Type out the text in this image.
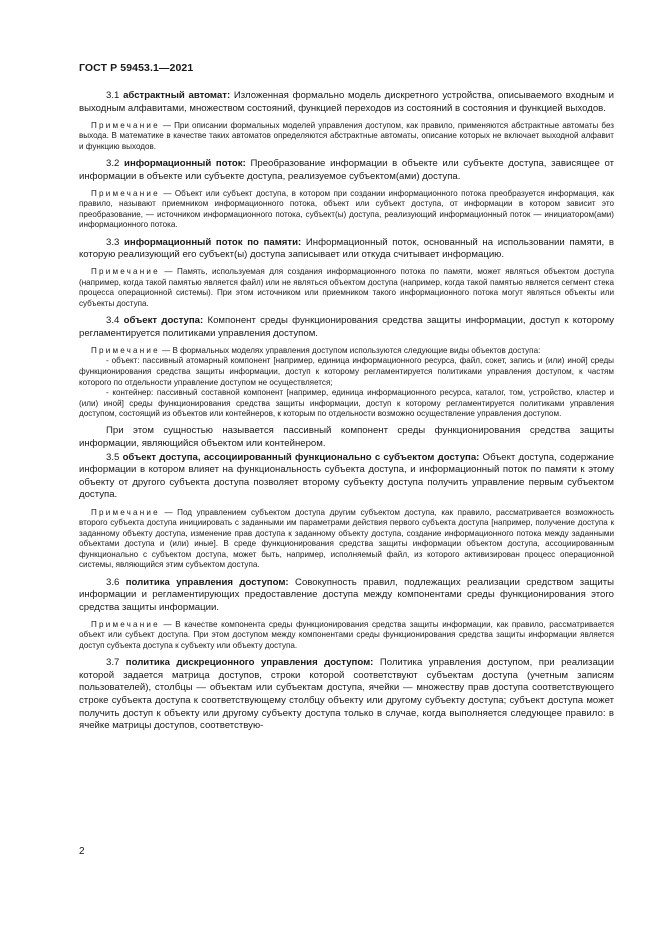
ГОСТ Р 59453.1—2021

3.1 абстрактный автомат: Изложенная формально модель дискретного устройства, описываемого входным и выходным алфавитами, множеством состояний, функцией переходов из состояний в состояния и функцией выходов.

Примечание — При описании формальных моделей управления доступом, как правило, применяются абстрактные автоматы без выхода. В математике в качестве таких автоматов определяются абстрактные автоматы, описание которых не включает выходной алфавит и функцию выходов.

3.2 информационный поток: Преобразование информации в объекте или субъекте доступа, зависящее от информации в объекте или субъекте доступа, реализуемое субъектом(ами) доступа.

Примечание — Объект или субъект доступа, в котором при создании информационного потока преобразуется информация, как правило, называют приемником информационного потока, объект или субъект доступа, от информации в котором зависит это преобразование, — источником информационного потока, субъект(ы) доступа, реализующий информационный поток — инициатором(ами) информационного потока.

3.3 информационный поток по памяти: Информационный поток, основанный на использовании памяти, в которую реализующий его субъект(ы) доступа записывает или откуда считывает информацию.

Примечание — Память, используемая для создания информационного потока по памяти, может являться объектом доступа (например, когда такой памятью является файл) или не являться объектом доступа (например, когда такой памятью является сегмент стека процесса операционной системы). При этом источником или приемником такого информационного потока могут являться объекты или субъекты доступа.

3.4 объект доступа: Компонент среды функционирования средства защиты информации, доступ к которому регламентируется политиками управления доступом.

Примечание — В формальных моделях управления доступом используются следующие виды объектов доступа:

- объект: пассивный атомарный компонент [например, единица информационного ресурса, файл, сокет, запись и (или) иной] среды функционирования средства защиты информации, доступ к которому регламентируется политиками управления доступом, к частям которого по отдельности управление доступом не осуществляется;

- контейнер: пассивный составной компонент [например, единица информационного ресурса, каталог, том, устройство, кластер и (или) иной] среды функционирования средства защиты информации, доступ к которому регламентируется политиками управления доступом, состоящий из объектов или контейнеров, к которым по отдельности возможно осуществление управления доступом.

При этом сущностью называется пассивный компонент среды функционирования средства защиты информации, являющийся объектом или контейнером.

3.5 объект доступа, ассоциированный функционально с субъектом доступа: Объект доступа, содержание информации в котором влияет на функциональность субъекта доступа, и информационный поток по памяти к этому объекту от другого субъекта доступа позволяет второму субъекту доступа получить управление первым субъектом доступа.

Примечание — Под управлением субъектом доступа другим субъектом доступа, как правило, рассматривается возможность второго субъекта доступа инициировать с заданными им параметрами действия первого субъекта доступа [например, получение доступа к заданному объекту доступа, изменение прав доступа к заданному объекту доступа, создание информационного потока между заданными объектами доступа и (или) иные]. В среде функционирования средства защиты информации объектом доступа, ассоциированным функционально с субъектом доступа, может быть, например, исполняемый файл, из которого активизирован процесс операционной системы, являющийся этим субъектом доступа.

3.6 политика управления доступом: Совокупность правил, подлежащих реализации средством защиты информации и регламентирующих предоставление доступа между компонентами среды функционирования этого средства защиты информации.

Примечание — В качестве компонента среды функционирования средства защиты информации, как правило, рассматривается объект или субъект доступа. При этом доступом между компонентами среды функционирования средства защиты информации является доступ субъекта доступа к субъекту или объекту доступа.

3.7 политика дискреционного управления доступом: Политика управления доступом, при реализации которой задается матрица доступов, строки которой соответствуют субъектам доступа (учетным записям пользователей), столбцы — объектам или субъектам доступа, ячейки — множеству прав доступа соответствующего строке субъекта доступа к соответствующему столбцу объекту или другому субъекту доступа; субъект доступа может получить доступ к объекту или другому субъекту доступа только в случае, когда выполняется следующее правило: в ячейке матрицы доступов, соответствую-

2
